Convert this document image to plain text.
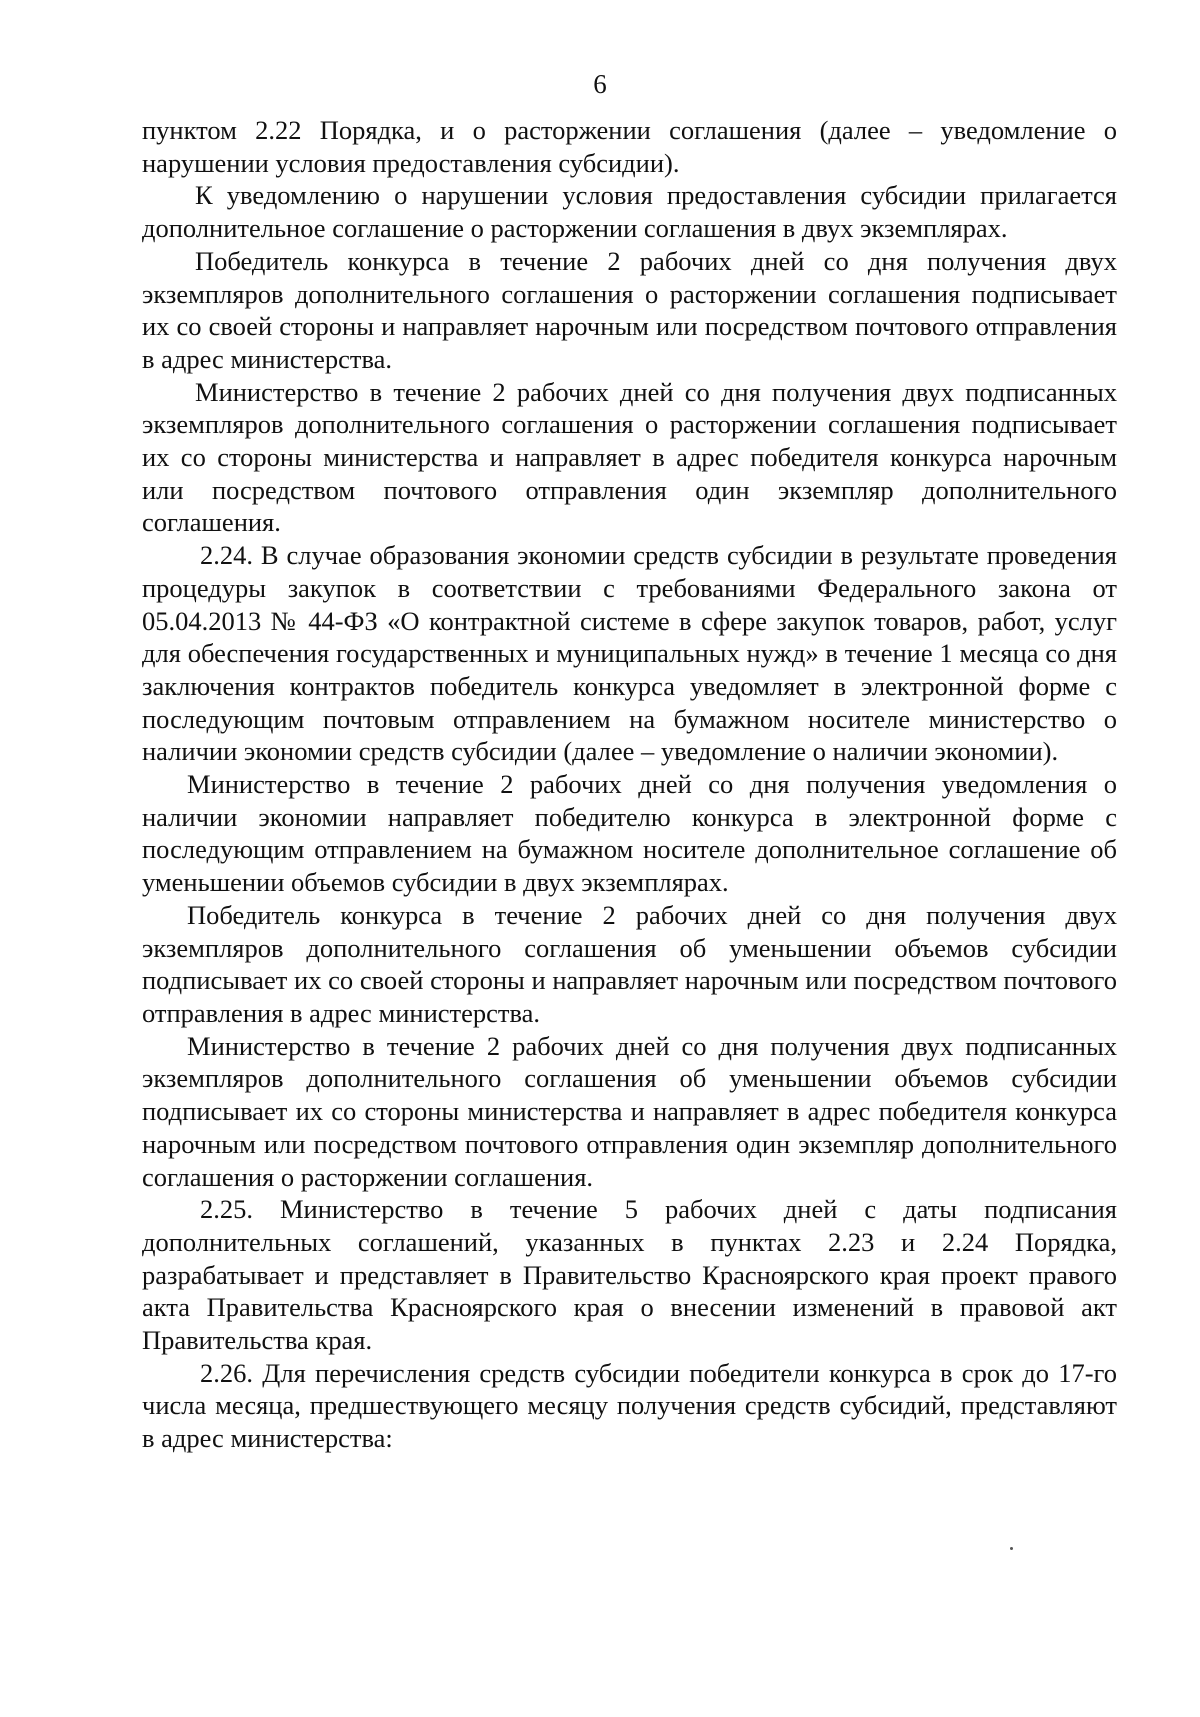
6

пунктом 2.22 Порядка, и о расторжении соглашения (далее – уведомление о нарушении условия предоставления субсидии).

К уведомлению о нарушении условия предоставления субсидии прилагается дополнительное соглашение о расторжении соглашения в двух экземплярах.

Победитель конкурса в течение 2 рабочих дней со дня получения двух экземпляров дополнительного соглашения о расторжении соглашения подписывает их со своей стороны и направляет нарочным или посредством почтового отправления в адрес министерства.

Министерство в течение 2 рабочих дней со дня получения двух подписанных экземпляров дополнительного соглашения о расторжении соглашения подписывает их со стороны министерства и направляет в адрес победителя конкурса нарочным или посредством почтового отправления один экземпляр дополнительного соглашения.

2.24. В случае образования экономии средств субсидии в результате проведения процедуры закупок в соответствии с требованиями Федерального закона от 05.04.2013 № 44-ФЗ «О контрактной системе в сфере закупок товаров, работ, услуг для обеспечения государственных и муниципальных нужд» в течение 1 месяца со дня заключения контрактов победитель конкурса уведомляет в электронной форме с последующим почтовым отправлением на бумажном носителе министерство о наличии экономии средств субсидии (далее – уведомление о наличии экономии).

Министерство в течение 2 рабочих дней со дня получения уведомления о наличии экономии направляет победителю конкурса в электронной форме с последующим отправлением на бумажном носителе дополнительное соглашение об уменьшении объемов субсидии в двух экземплярах.

Победитель конкурса в течение 2 рабочих дней со дня получения двух экземпляров дополнительного соглашения об уменьшении объемов субсидии подписывает их со своей стороны и направляет нарочным или посредством почтового отправления в адрес министерства.

Министерство в течение 2 рабочих дней со дня получения двух подписанных экземпляров дополнительного соглашения об уменьшении объемов субсидии подписывает их со стороны министерства и направляет в адрес победителя конкурса нарочным или посредством почтового отправления один экземпляр дополнительного соглашения о расторжении соглашения.

2.25. Министерство в течение 5 рабочих дней с даты подписания дополнительных соглашений, указанных в пунктах 2.23 и 2.24 Порядка, разрабатывает и представляет в Правительство Красноярского края проект правого акта Правительства Красноярского края о внесении изменений в правовой акт Правительства края.

2.26. Для перечисления средств субсидии победители конкурса в срок до 17-го числа месяца, предшествующего месяцу получения средств субсидий, представляют в адрес министерства:
